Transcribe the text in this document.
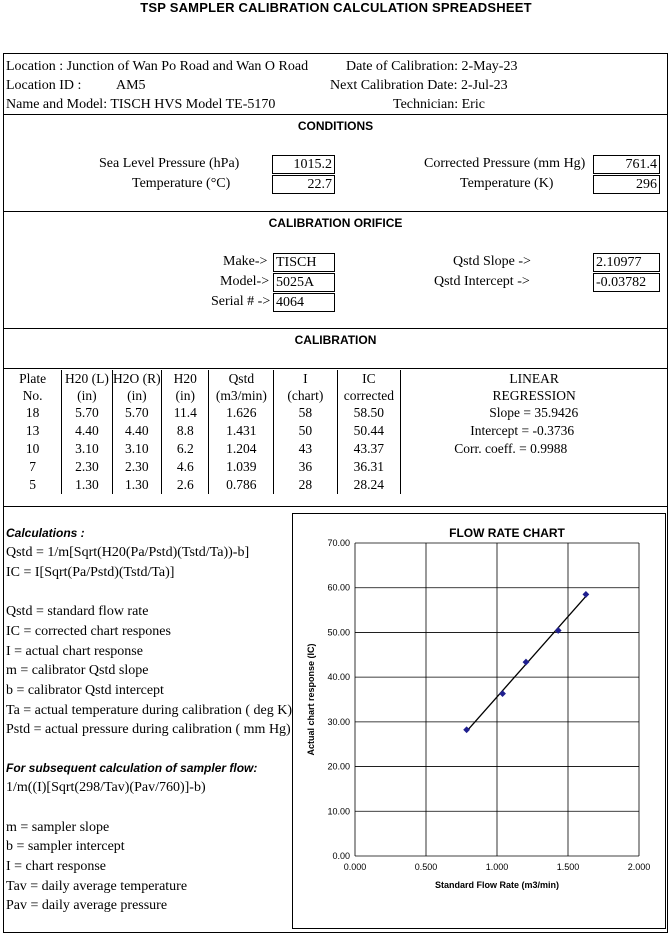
TSP SAMPLER CALIBRATION CALCULATION SPREADSHEET
Location : Junction of Wan Po Road and Wan O Road	Date of Calibration: 2-May-23
Location ID : AM5	Next Calibration Date: 2-Jul-23
Name and Model: TISCH HVS Model TE-5170	Technician: Eric
CONDITIONS
Sea Level Pressure (hPa)	1015.2
Temperature (°C)	22.7
Corrected Pressure (mm Hg)	761.4
Temperature (K)	296
CALIBRATION ORIFICE
Make-> TISCH
Model-> 5025A
Serial # -> 4064
Qstd Slope ->	2.10977
Qstd Intercept ->	-0.03782
CALIBRATION
Plate	H20 (L)	H2O (R)	H20	Qstd	I	IC	LINEAR
No.	(in)	(in)	(in)	(m3/min)	(chart)	corrected	REGRESSION
18	5.70	5.70	11.4	1.626	58	58.50	Slope = 35.9426
13	4.40	4.40	8.8	1.431	50	50.44	Intercept = -0.3736
10	3.10	3.10	6.2	1.204	43	43.37	Corr. coeff. = 0.9988
7	2.30	2.30	4.6	1.039	36	36.31	
5	1.30	1.30	2.6	0.786	28	28.24	
Calculations :
Qstd = 1/m[Sqrt(H20(Pa/Pstd)(Tstd/Ta))-b]
IC = I[Sqrt(Pa/Pstd)(Tstd/Ta)]
Qstd = standard flow rate
IC = corrected chart respones
I = actual chart response
m = calibrator Qstd slope
b = calibrator Qstd intercept
Ta = actual temperature during calibration ( deg K)
Pstd = actual pressure during calibration ( mm Hg)
For subsequent calculation of sampler flow:
1/m((I)[Sqrt(298/Tav)(Pav/760)]-b)
m = sampler slope
b = sampler intercept
I = chart response
Tav = daily average temperature
Pav = daily average pressure
FLOW RATE CHART
0.000	0.500	1.000	1.500	2.000
0.00
10.00
20.00
30.00
40.00
50.00
60.00
70.00
Standard Flow Rate (m3/min)
Actual chart response (IC)
